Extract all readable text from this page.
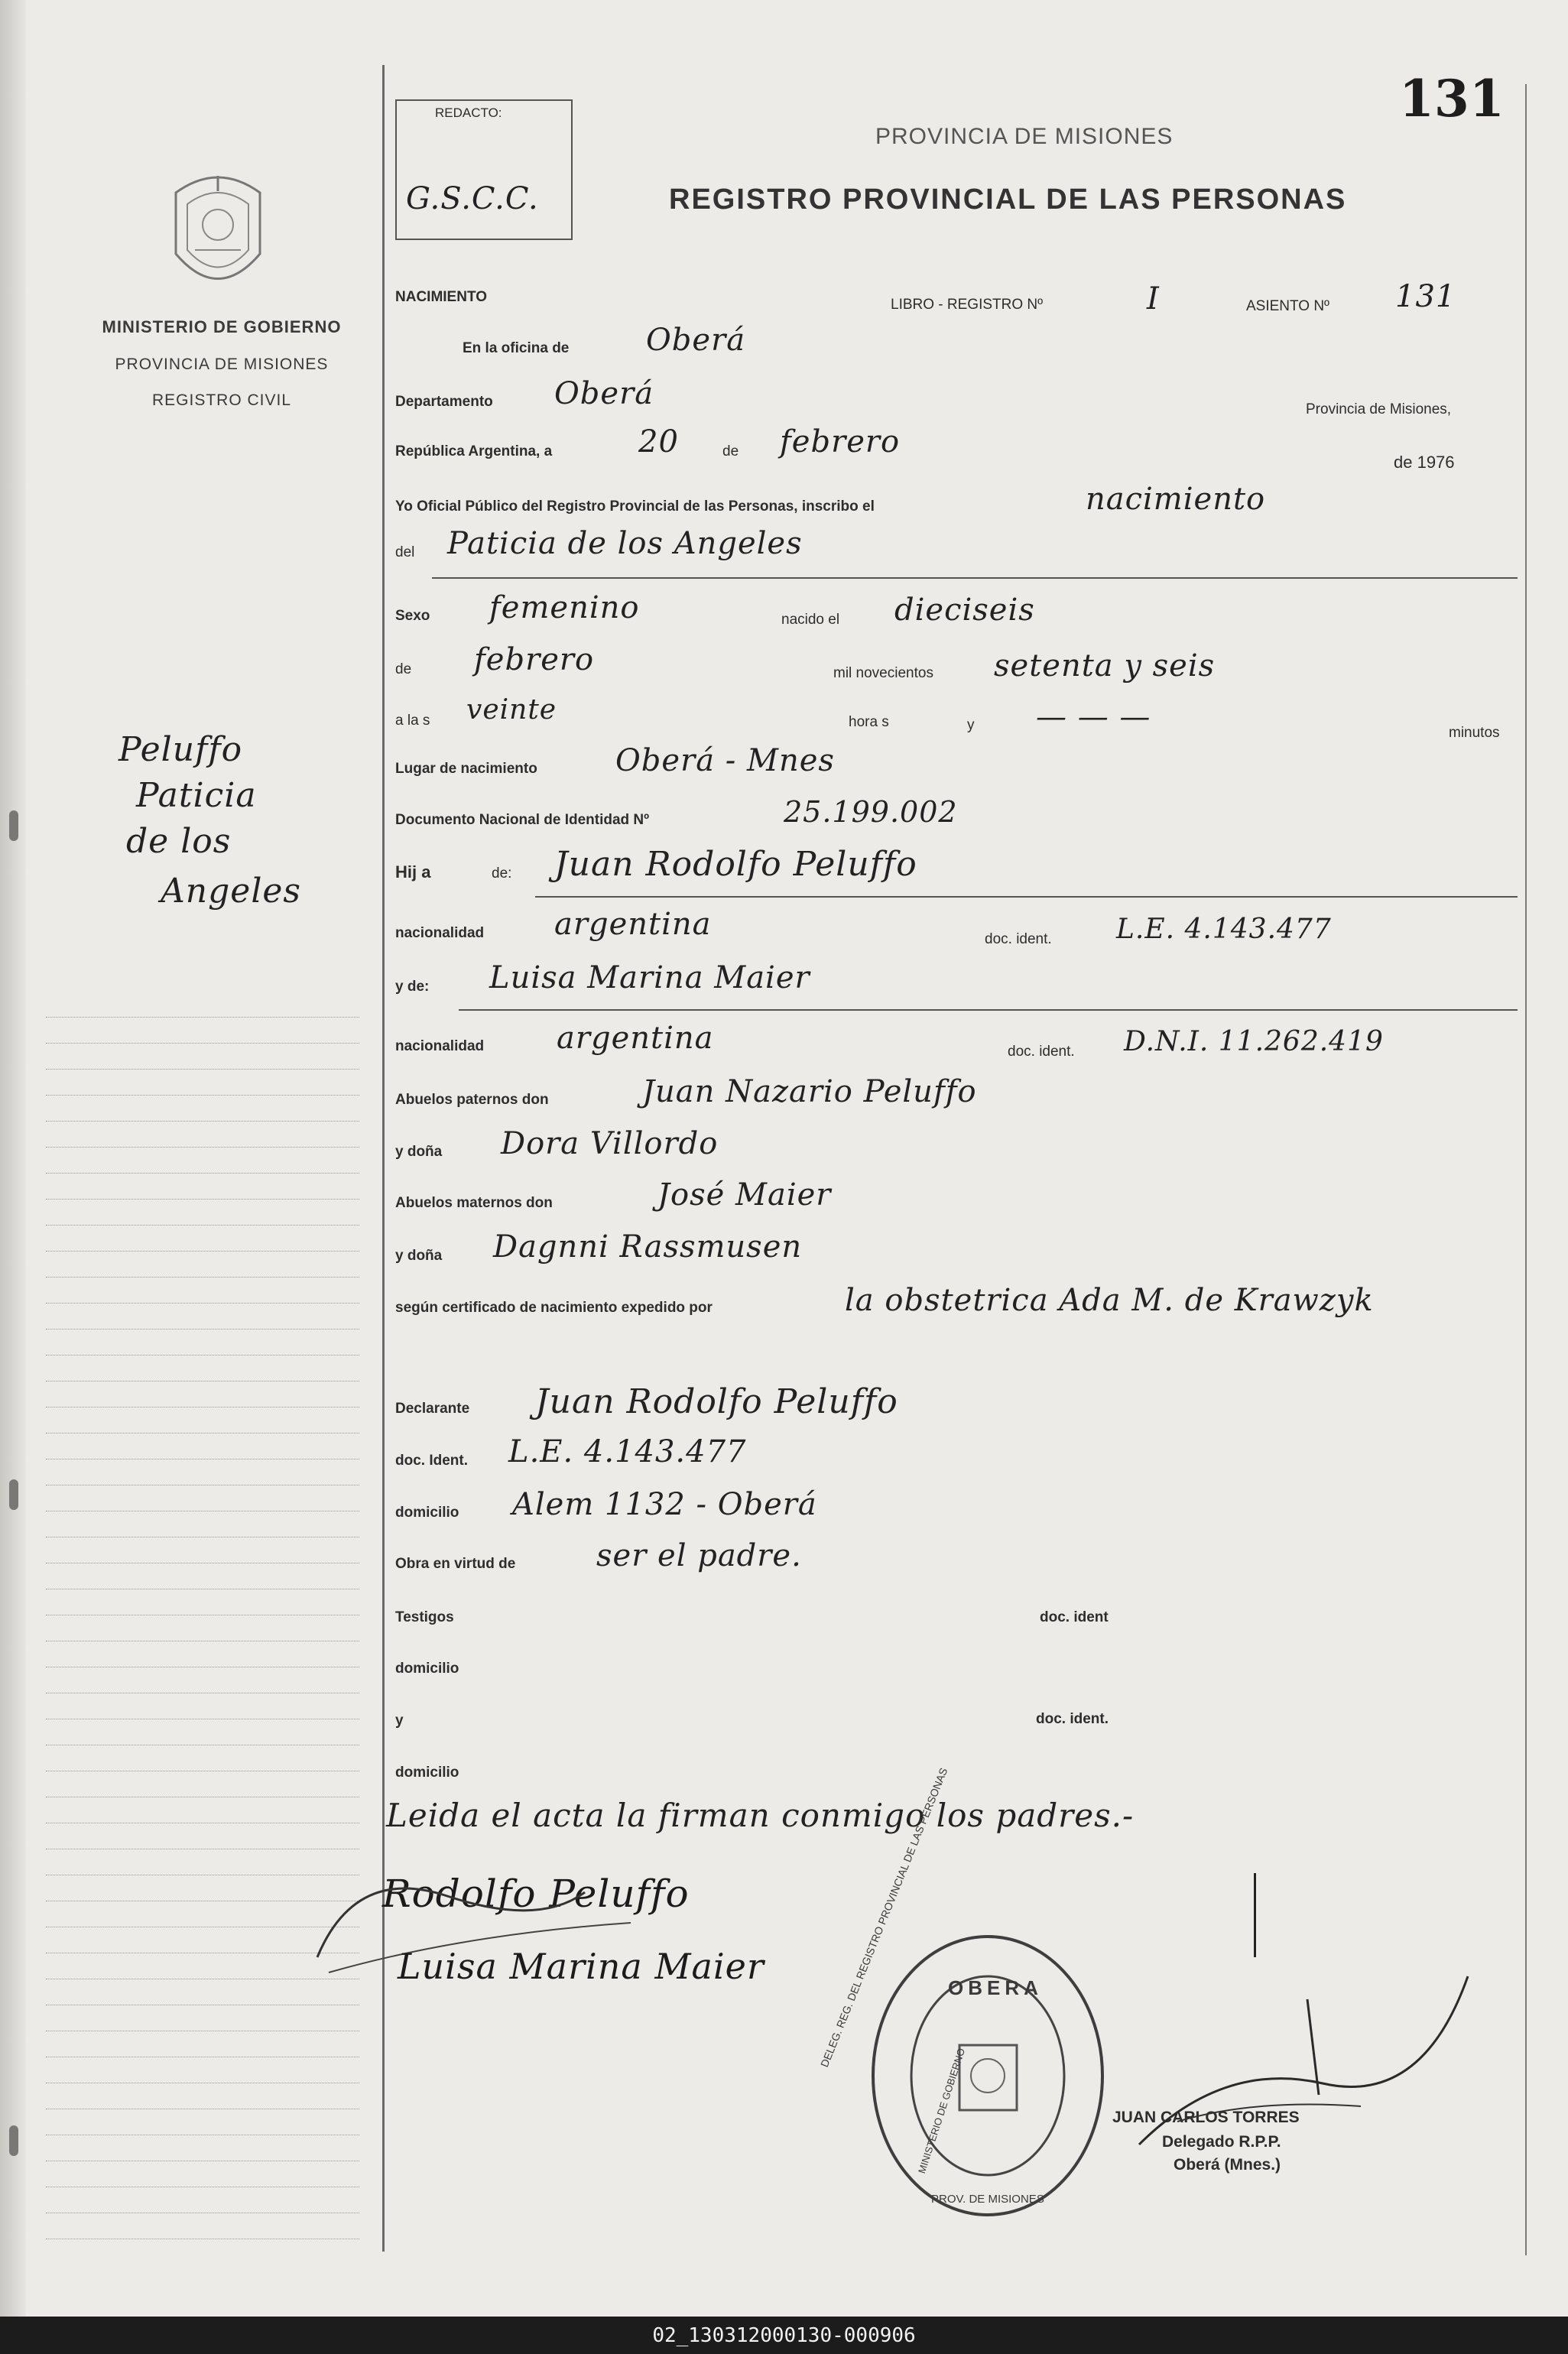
131
MINISTERIO DE GOBIERNO
PROVINCIA DE MISIONES
REGISTRO CIVIL
Peluffo
Paticia
de los
Angeles
REDACTO:
G.S.C.C.
PROVINCIA DE MISIONES
REGISTRO PROVINCIAL DE LAS PERSONAS
NACIMIENTO	LIBRO - REGISTRO Nº	I	ASIENTO Nº 131
En la oficina de	Oberá
Departamento Oberá	Provincia de Misiones,
República Argentina, a	20	de febrero
de 1976
Yo Oficial Público del Registro Provincial de las Personas, inscribo el	nacimiento
del Paticia de los Angeles
Sexo femenino	nacido el dieciseis
de febrero	mil novecientos setenta y seis
a la s veinte	hora s	y — — —	minutos
Lugar de nacimiento	Oberá - Mnes
Documento Nacional de Identidad Nº	25.199.002
Hij a	de: Juan Rodolfo Peluffo
nacionalidad argentina	doc. ident. L.E. 4.143.477
y de: Luisa Marina Maier
nacionalidad argentina	doc. ident. D.N.I. 11.262.419
Abuelos paternos don	Juan Nazario Peluffo
y doña Dora Villordo
Abuelos maternos don	José Maier
y doña Dagnni Rassmusen
según certificado de nacimiento expedido por	la obstetrica Ada M. de Krawzyk
Declarante Juan Rodolfo Peluffo
doc. Ident. L.E. 4.143.477
domicilio Alem 1132 - Oberá
Obra en virtud de	ser el padre.
Testigos	doc. ident
domicilio
y	doc. ident.
domicilio
Leida el acta la firman conmigo los padres.-
Rodolfo Peluffo
Luisa Marina Maier
OBERA
DELEG. REG. DEL REGISTRO PROVINCIAL DE LAS PERSONAS
MINISTERIO DE GOBIERNO
PROV. DE MISIONES
JUAN CARLOS TORRES
Delegado R.P.P.
Oberá (Mnes.)
02_130312000130-000906
